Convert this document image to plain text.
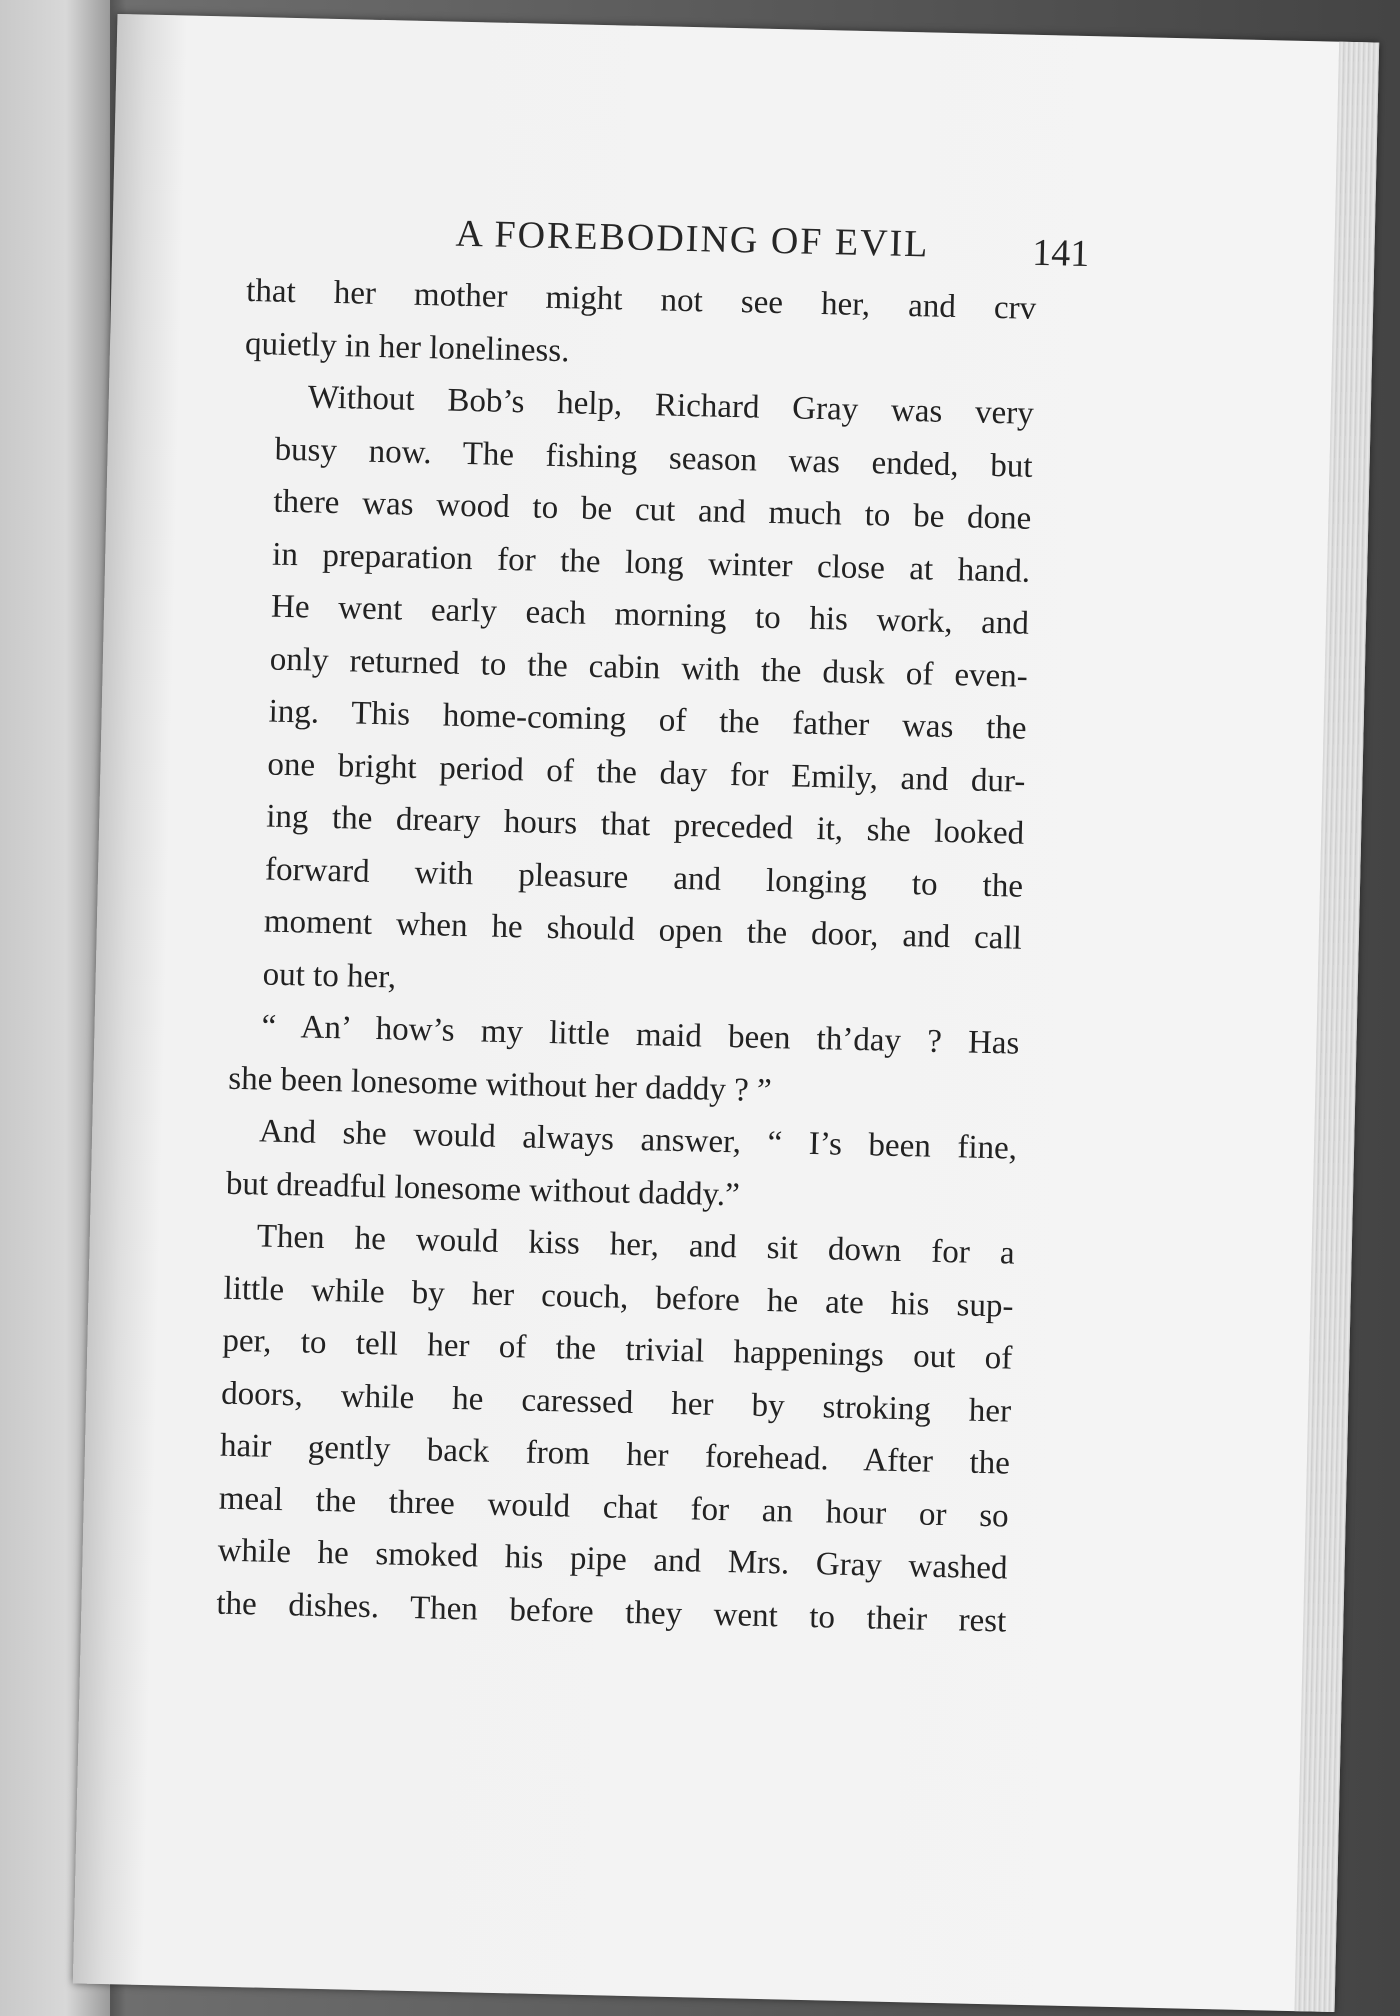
A FOREBODING OF EVIL	141
that her mother might not see her, and crv
quietly in her loneliness.
Without Bob’s help, Richard Gray was very
busy now. The fishing season was ended, but
there was wood to be cut and much to be done
in preparation for the long winter close at hand.
He went early each morning to his work, and
only returned to the cabin with the dusk of even-
ing. This home-coming of the father was the
one bright period of the day for Emily, and dur-
ing the dreary hours that preceded it, she looked
forward with pleasure and longing to the
moment when he should open the door, and call
out to her,
“ An’ how’s my little maid been th’day ? Has
she been lonesome without her daddy ? ”
And she would always answer, “ I’s been fine,
but dreadful lonesome without daddy.”
Then he would kiss her, and sit down for a
little while by her couch, before he ate his sup-
per, to tell her of the trivial happenings out of
doors, while he caressed her by stroking her
hair gently back from her forehead. After the
meal the three would chat for an hour or so
while he smoked his pipe and Mrs. Gray washed
the dishes. Then before they went to their rest
